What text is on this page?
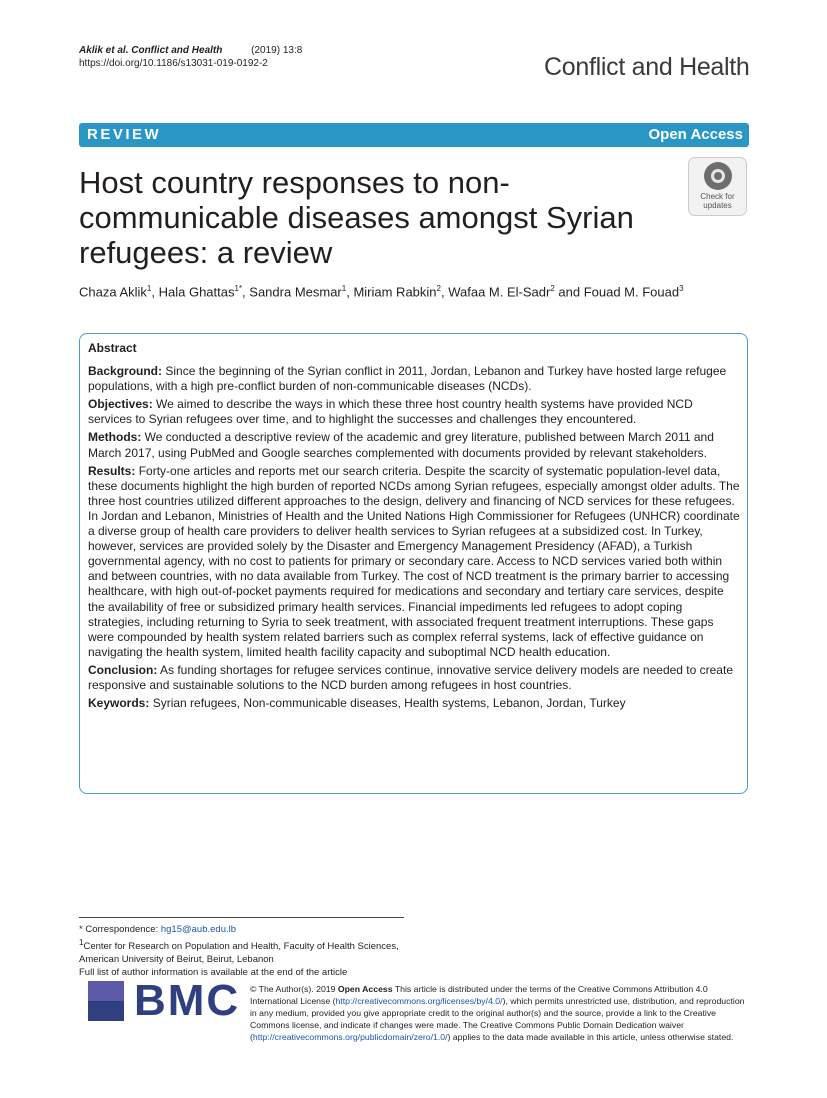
Aklik et al. Conflict and Health	(2019) 13:8
https://doi.org/10.1186/s13031-019-0192-2	Conflict and Health
REVIEW	Open Access
Host country responses to non-communicable diseases amongst Syrian refugees: a review
Check for
updates
Chaza Aklik$^1$, Hala Ghattas$^{1*}$, Sandra Mesmar$^1$, Miriam Rabkin$^2$, Wafaa M. El-Sadr$^2$ and Fouad M. Fouad$^3$

Abstract

Background: Since the beginning of the Syrian conflict in 2011, Jordan, Lebanon and Turkey have hosted large refugee populations, with a high pre-conflict burden of non-communicable diseases (NCDs).

Objectives: We aimed to describe the ways in which these three host country health systems have provided NCD services to Syrian refugees over time, and to highlight the successes and challenges they encountered.

Methods: We conducted a descriptive review of the academic and grey literature, published between March 2011 and March 2017, using PubMed and Google searches complemented with documents provided by relevant stakeholders.

Results: Forty-one articles and reports met our search criteria. Despite the scarcity of systematic population-level data, these documents highlight the high burden of reported NCDs among Syrian refugees, especially amongst older adults. The three host countries utilized different approaches to the design, delivery and financing of NCD services for these refugees. In Jordan and Lebanon, Ministries of Health and the United Nations High Commissioner for Refugees (UNHCR) coordinate a diverse group of health care providers to deliver health services to Syrian refugees at a subsidized cost. In Turkey, however, services are provided solely by the Disaster and Emergency Management Presidency (AFAD), a Turkish governmental agency, with no cost to patients for primary or secondary care. Access to NCD services varied both within and between countries, with no data available from Turkey. The cost of NCD treatment is the primary barrier to accessing healthcare, with high out-of-pocket payments required for medications and secondary and tertiary care services, despite the availability of free or subsidized primary health services. Financial impediments led refugees to adopt coping strategies, including returning to Syria to seek treatment, with associated frequent treatment interruptions. These gaps were compounded by health system related barriers such as complex referral systems, lack of effective guidance on navigating the health system, limited health facility capacity and suboptimal NCD health education.

Conclusion: As funding shortages for refugee services continue, innovative service delivery models are needed to create responsive and sustainable solutions to the NCD burden among refugees in host countries.

Keywords: Syrian refugees, Non-communicable diseases, Health systems, Lebanon, Jordan, Turkey

* Correspondence: hg15@aub.edu.lb
$^1$Center for Research on Population and Health, Faculty of Health Sciences,
American University of Beirut, Beirut, Lebanon
Full list of author information is available at the end of the article
BMC © The Author(s). 2019 Open Access This article is distributed under the terms of the Creative Commons Attribution 4.0 International License (http://creativecommons.org/licenses/by/4.0/), which permits unrestricted use, distribution, and reproduction in any medium, provided you give appropriate credit to the original author(s) and the source, provide a link to the Creative Commons license, and indicate if changes were made. The Creative Commons Public Domain Dedication waiver (http://creativecommons.org/publicdomain/zero/1.0/) applies to the data made available in this article, unless otherwise stated.
